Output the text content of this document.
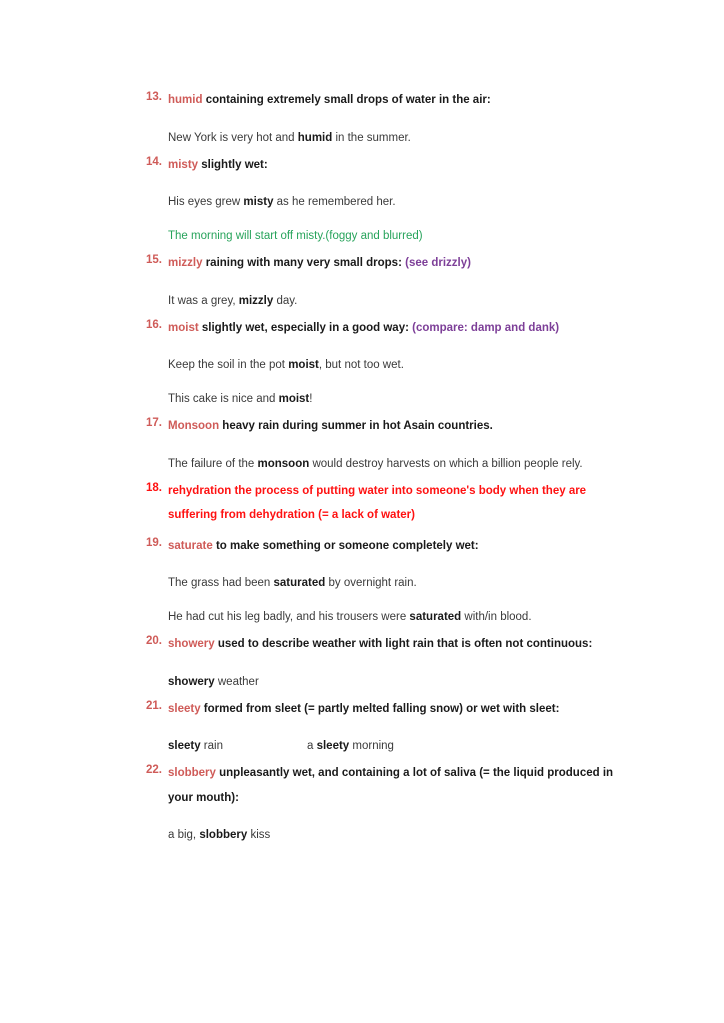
13. humid containing extremely small drops of water in the air:

New York is very hot and humid in the summer.

14. misty slightly wet:

His eyes grew misty as he remembered her.

The morning will start off misty.(foggy and blurred)

15. mizzly raining with many very small drops: (see drizzly)

It was a grey, mizzly day.

16. moist slightly wet, especially in a good way: (compare: damp and dank)

Keep the soil in the pot moist, but not too wet.

This cake is nice and moist!

17. Monsoon heavy rain during summer in hot Asain countries.

The failure of the monsoon would destroy harvests on which a billion people rely.

18. rehydration the process of putting water into someone's body when they are suffering from dehydration (= a lack of water)

19. saturate to make something or someone completely wet:

The grass had been saturated by overnight rain.

He had cut his leg badly, and his trousers were saturated with/in blood.

20. showery used to describe weather with light rain that is often not continuous:

showery weather

21. sleety formed from sleet (= partly melted falling snow) or wet with sleet:

sleety rain	a sleety morning

22. slobbery unpleasantly wet, and containing a lot of saliva (= the liquid produced in your mouth):

a big, slobbery kiss
